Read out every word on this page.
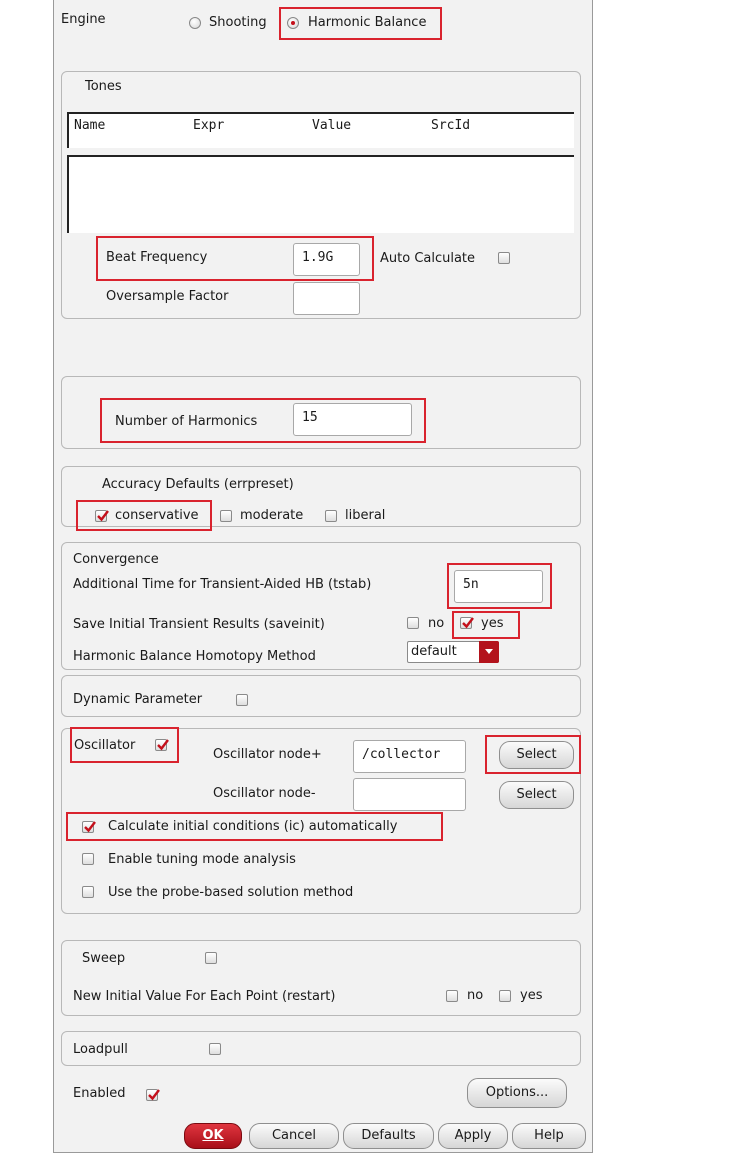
Engine	Shooting	Harmonic Balance
Tones
Name	Expr	Value	SrcId
Beat Frequency	1.9G	Auto Calculate
Oversample Factor
Number of Harmonics	15
Accuracy Defaults (errpreset)
conservative	moderate	liberal
Convergence
Additional Time for Transient-Aided HB (tstab)	5n
Save Initial Transient Results (saveinit)	no	yes
Harmonic Balance Homotopy Method	default
Dynamic Parameter
Oscillator
Oscillator node+	/collector	Select
Oscillator node-	Select
Calculate initial conditions (ic) automatically
Enable tuning mode analysis
Use the probe-based solution method
Sweep
New Initial Value For Each Point (restart)	no	yes
Loadpull
Enabled	Options...
OK	Cancel	Defaults	Apply	Help
